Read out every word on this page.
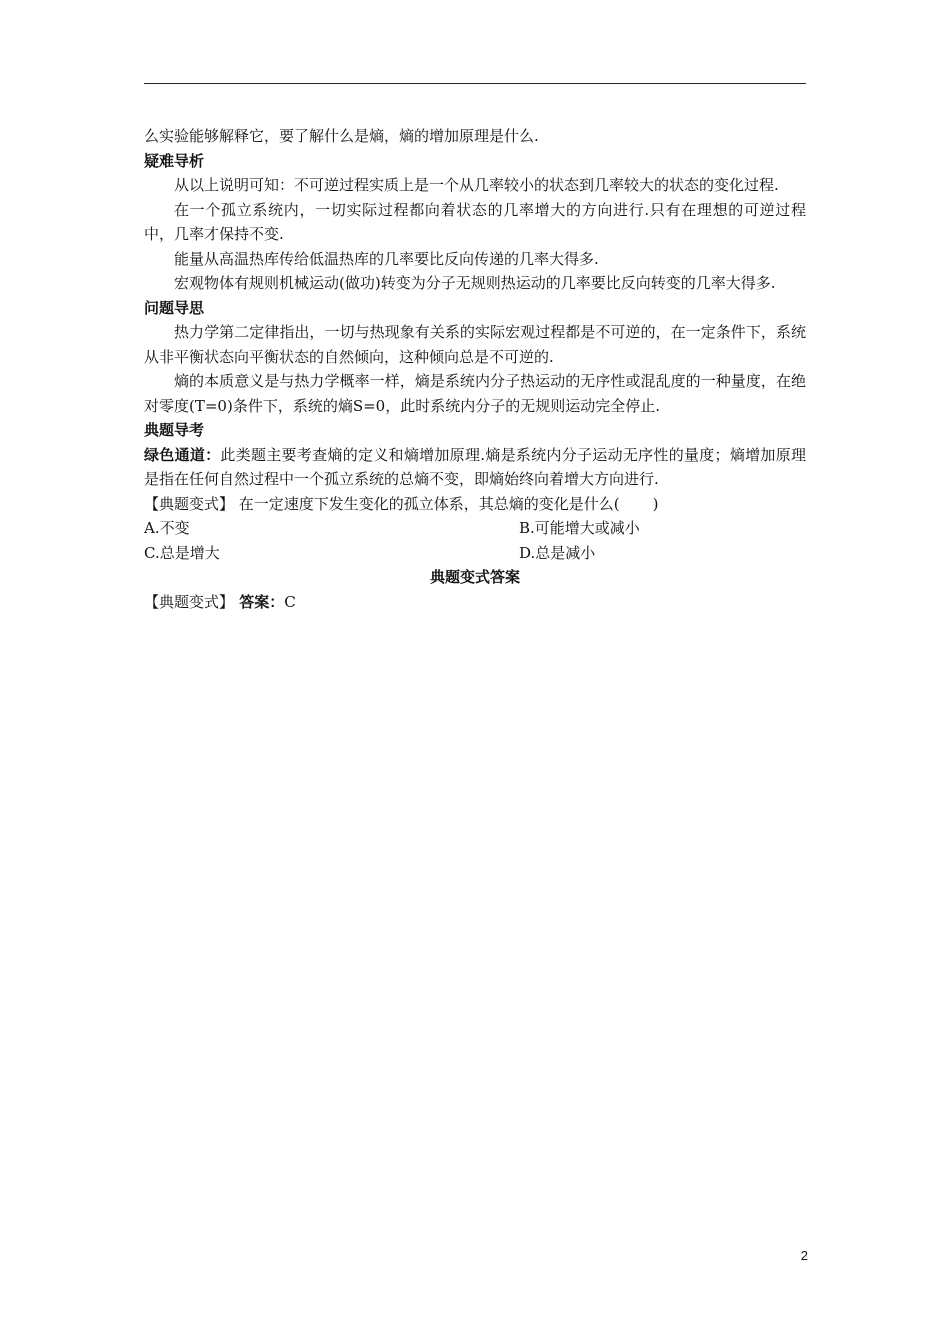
么实验能够解释它，要了解什么是熵，熵的增加原理是什么.

疑难导析

从以上说明可知：不可逆过程实质上是一个从几率较小的状态到几率较大的状态的变化过程.

在一个孤立系统内，一切实际过程都向着状态的几率增大的方向进行.只有在理想的可逆过程中，几率才保持不变.

能量从高温热库传给低温热库的几率要比反向传递的几率大得多.

宏观物体有规则机械运动(做功)转变为分子无规则热运动的几率要比反向转变的几率大得多.

问题导思

热力学第二定律指出，一切与热现象有关系的实际宏观过程都是不可逆的，在一定条件下，系统从非平衡状态向平衡状态的自然倾向，这种倾向总是不可逆的.

熵的本质意义是与热力学概率一样，熵是系统内分子热运动的无序性或混乱度的一种量度，在绝对零度(T=0)条件下，系统的熵S=0，此时系统内分子的无规则运动完全停止.

典题导考

绿色通道：此类题主要考查熵的定义和熵增加原理.熵是系统内分子运动无序性的量度；熵增加原理是指在任何自然过程中一个孤立系统的总熵不变，即熵始终向着增大方向进行.

【典题变式】 在一定速度下发生变化的孤立体系，其总熵的变化是什么( )

A.不变	B.可能增大或减小
C.总是增大	D.总是减小

典题变式答案

【典题变式】 答案：C

2
